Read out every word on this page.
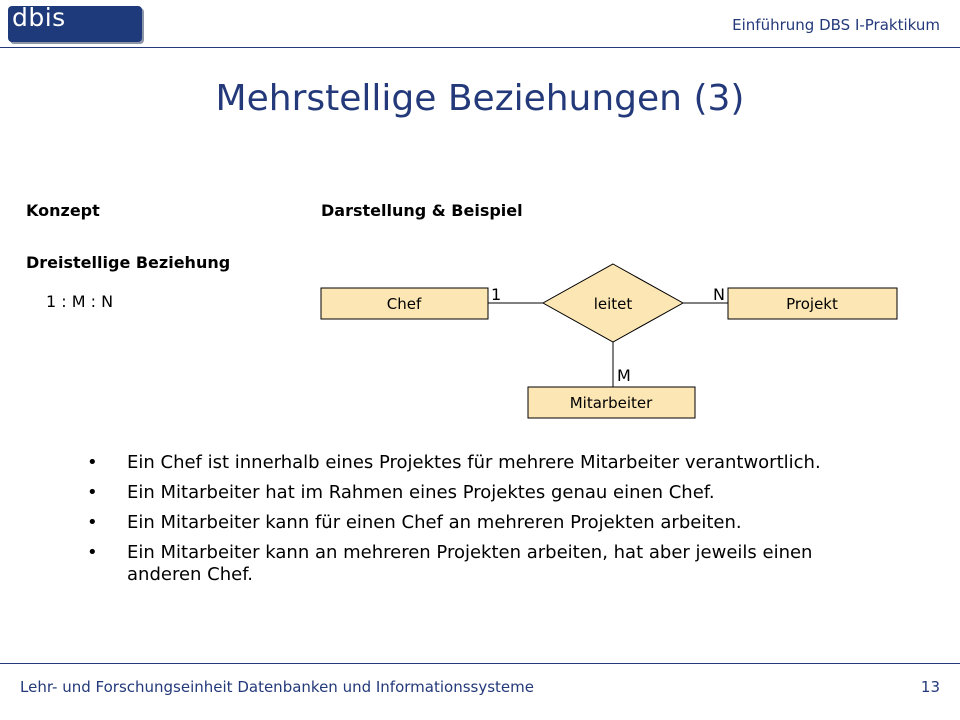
dbis	Einführung DBS I-Praktikum
Mehrstellige Beziehungen (3)
Konzept	Darstellung & Beispiel
Dreistellige Beziehung
1 : M : N	Chef	Projekt
leitet
Mitarbeiter
1	N
M
• Ein Chef ist innerhalb eines Projektes für mehrere Mitarbeiter verantwortlich.
• Ein Mitarbeiter hat im Rahmen eines Projektes genau einen Chef.
• Ein Mitarbeiter kann für einen Chef an mehreren Projekten arbeiten.
• Ein Mitarbeiter kann an mehreren Projekten arbeiten, hat aber jeweils einen anderen Chef.
Lehr- und Forschungseinheit Datenbanken und Informationssysteme	13
